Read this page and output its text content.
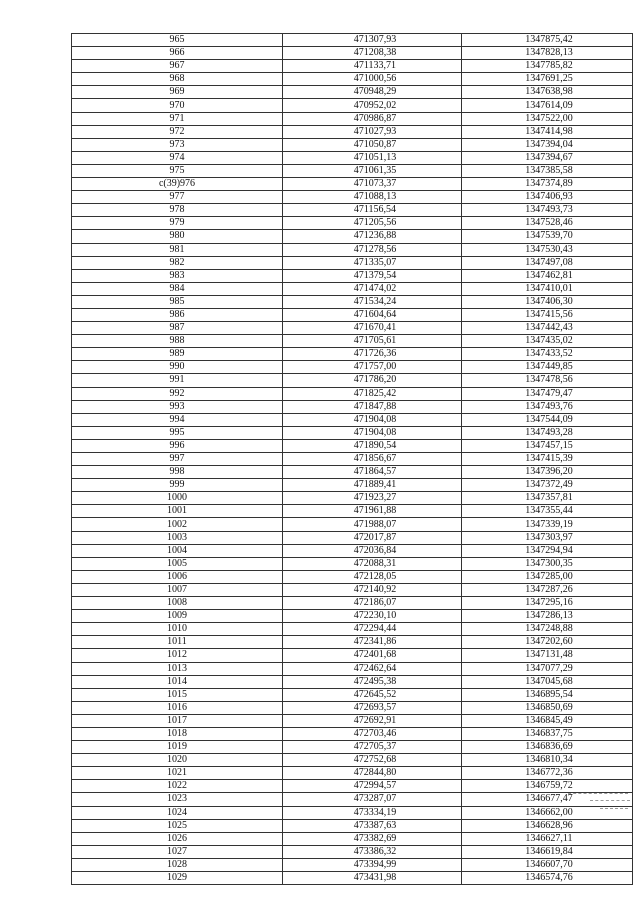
965	471307,93	1347875,42
966	471208,38	1347828,13
967	471133,71	1347785,82
968	471000,56	1347691,25
969	470948,29	1347638,98
970	470952,02	1347614,09
971	470986,87	1347522,00
972	471027,93	1347414,98
973	471050,87	1347394,04
974	471051,13	1347394,67
975	471061,35	1347385,58
c(39)976	471073,37	1347374,89
977	471088,13	1347406,93
978	471156,54	1347493,73
979	471205,56	1347528,46
980	471236,88	1347539,70
981	471278,56	1347530,43
982	471335,07	1347497,08
983	471379,54	1347462,81
984	471474,02	1347410,01
985	471534,24	1347406,30
986	471604,64	1347415,56
987	471670,41	1347442,43
988	471705,61	1347435,02
989	471726,36	1347433,52
990	471757,00	1347449,85
991	471786,20	1347478,56
992	471825,42	1347479,47
993	471847,88	1347493,76
994	471904,08	1347544,09
995	471904,08	1347493,28
996	471890,54	1347457,15
997	471856,67	1347415,39
998	471864,57	1347396,20
999	471889,41	1347372,49
1000	471923,27	1347357,81
1001	471961,88	1347355,44
1002	471988,07	1347339,19
1003	472017,87	1347303,97
1004	472036,84	1347294,94
1005	472088,31	1347300,35
1006	472128,05	1347285,00
1007	472140,92	1347287,26
1008	472186,07	1347295,16
1009	472230,10	1347286,13
1010	472294,44	1347248,88
1011	472341,86	1347202,60
1012	472401,68	1347131,48
1013	472462,64	1347077,29
1014	472495,38	1347045,68
1015	472645,52	1346895,54
1016	472693,57	1346850,69
1017	472692,91	1346845,49
1018	472703,46	1346837,75
1019	472705,37	1346836,69
1020	472752,68	1346810,34
1021	472844,80	1346772,36
1022	472994,57	1346759,72
1023	473287,07	1346677,47
1024	473334,19	1346662,00
1025	473387,63	1346628,96
1026	473382,69	1346627,11
1027	473386,32	1346619,84
1028	473394,99	1346607,70
1029	473431,98	1346574,76
